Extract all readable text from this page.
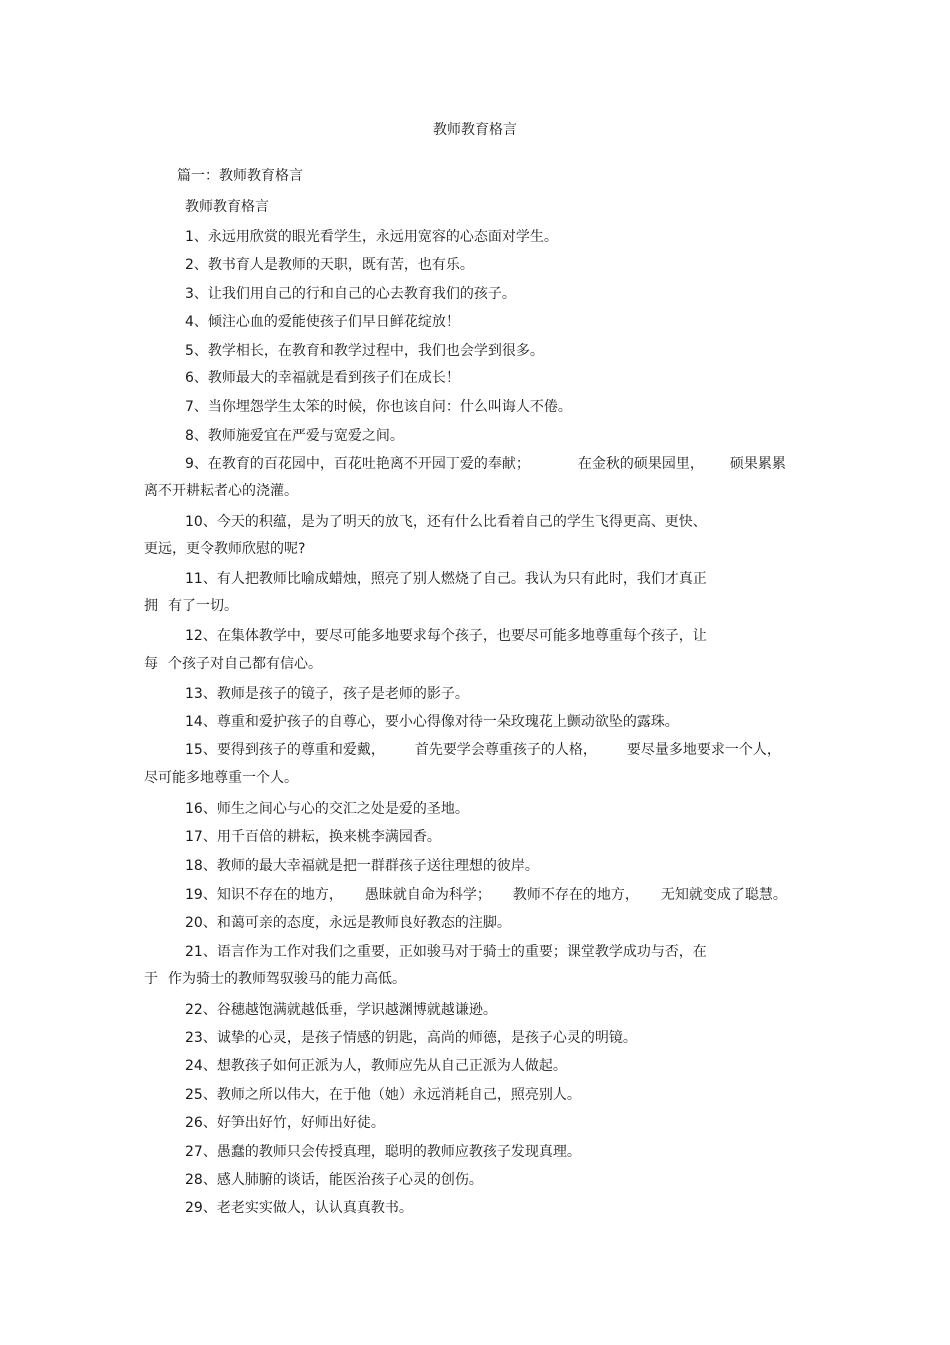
教师教育格言
篇一：教师教育格言
教师教育格言
1、永远用欣赏的眼光看学生，永远用宽容的心态面对学生。
2、教书育人是教师的天职，既有苦，也有乐。
3、让我们用自己的行和自己的心去教育我们的孩子。
4、倾注心血的爱能使孩子们早日鲜花绽放！
5、教学相长，在教育和教学过程中，我们也会学到很多。
6、教师最大的幸福就是看到孩子们在成长！
7、当你埋怨学生太笨的时候，你也该自问：什么叫诲人不倦。
8、教师施爱宜在严爱与宽爱之间。
9、在教育的百花园中，百花吐艳离不开园丁爱的奉献；	在金秋的硕果园里， 硕果累累
离不开耕耘者心的浇灌。
10、今天的积蕴，是为了明天的放飞，还有什么比看着自己的学生飞得更高、更快、
更远，更令教师欣慰的呢?
11、有人把教师比喻成蜡烛，照亮了别人燃烧了自己。我认为只有此时，我们才真正
拥 有了一切。
12、在集体教学中，要尽可能多地要求每个孩子，也要尽可能多地尊重每个孩子，让
每 个孩子对自己都有信心。
13、教师是孩子的镜子，孩子是老师的影子。
14、尊重和爱护孩子的自尊心，要小心得像对待一朵玫瑰花上颤动欲坠的露珠。
15、要得到孩子的尊重和爱戴， 首先要学会尊重孩子的人格， 要尽量多地要求一个人，
尽可能多地尊重一个人。
16、师生之间心与心的交汇之处是爱的圣地。
17、用千百倍的耕耘，换来桃李满园香。
18、教师的最大幸福就是把一群群孩子送往理想的彼岸。
19、知识不存在的地方， 愚昧就自命为科学； 教师不存在的地方， 无知就变成了聪慧。
20、和蔼可亲的态度，永远是教师良好教态的注脚。
21、语言作为工作对我们之重要，正如骏马对于骑士的重要；课堂教学成功与否，在
于 作为骑士的教师驾驭骏马的能力高低。
22、谷穗越饱满就越低垂，学识越渊博就越谦逊。
23、诚挚的心灵，是孩子情感的钥匙，高尚的师德，是孩子心灵的明镜。
24、想教孩子如何正派为人，教师应先从自己正派为人做起。
25、教师之所以伟大，在于他（她）永远消耗自己，照亮别人。
26、好笋出好竹，好师出好徒。
27、愚蠢的教师只会传授真理，聪明的教师应教孩子发现真理。
28、感人肺腑的谈话，能医治孩子心灵的创伤。
29、老老实实做人，认认真真教书。
